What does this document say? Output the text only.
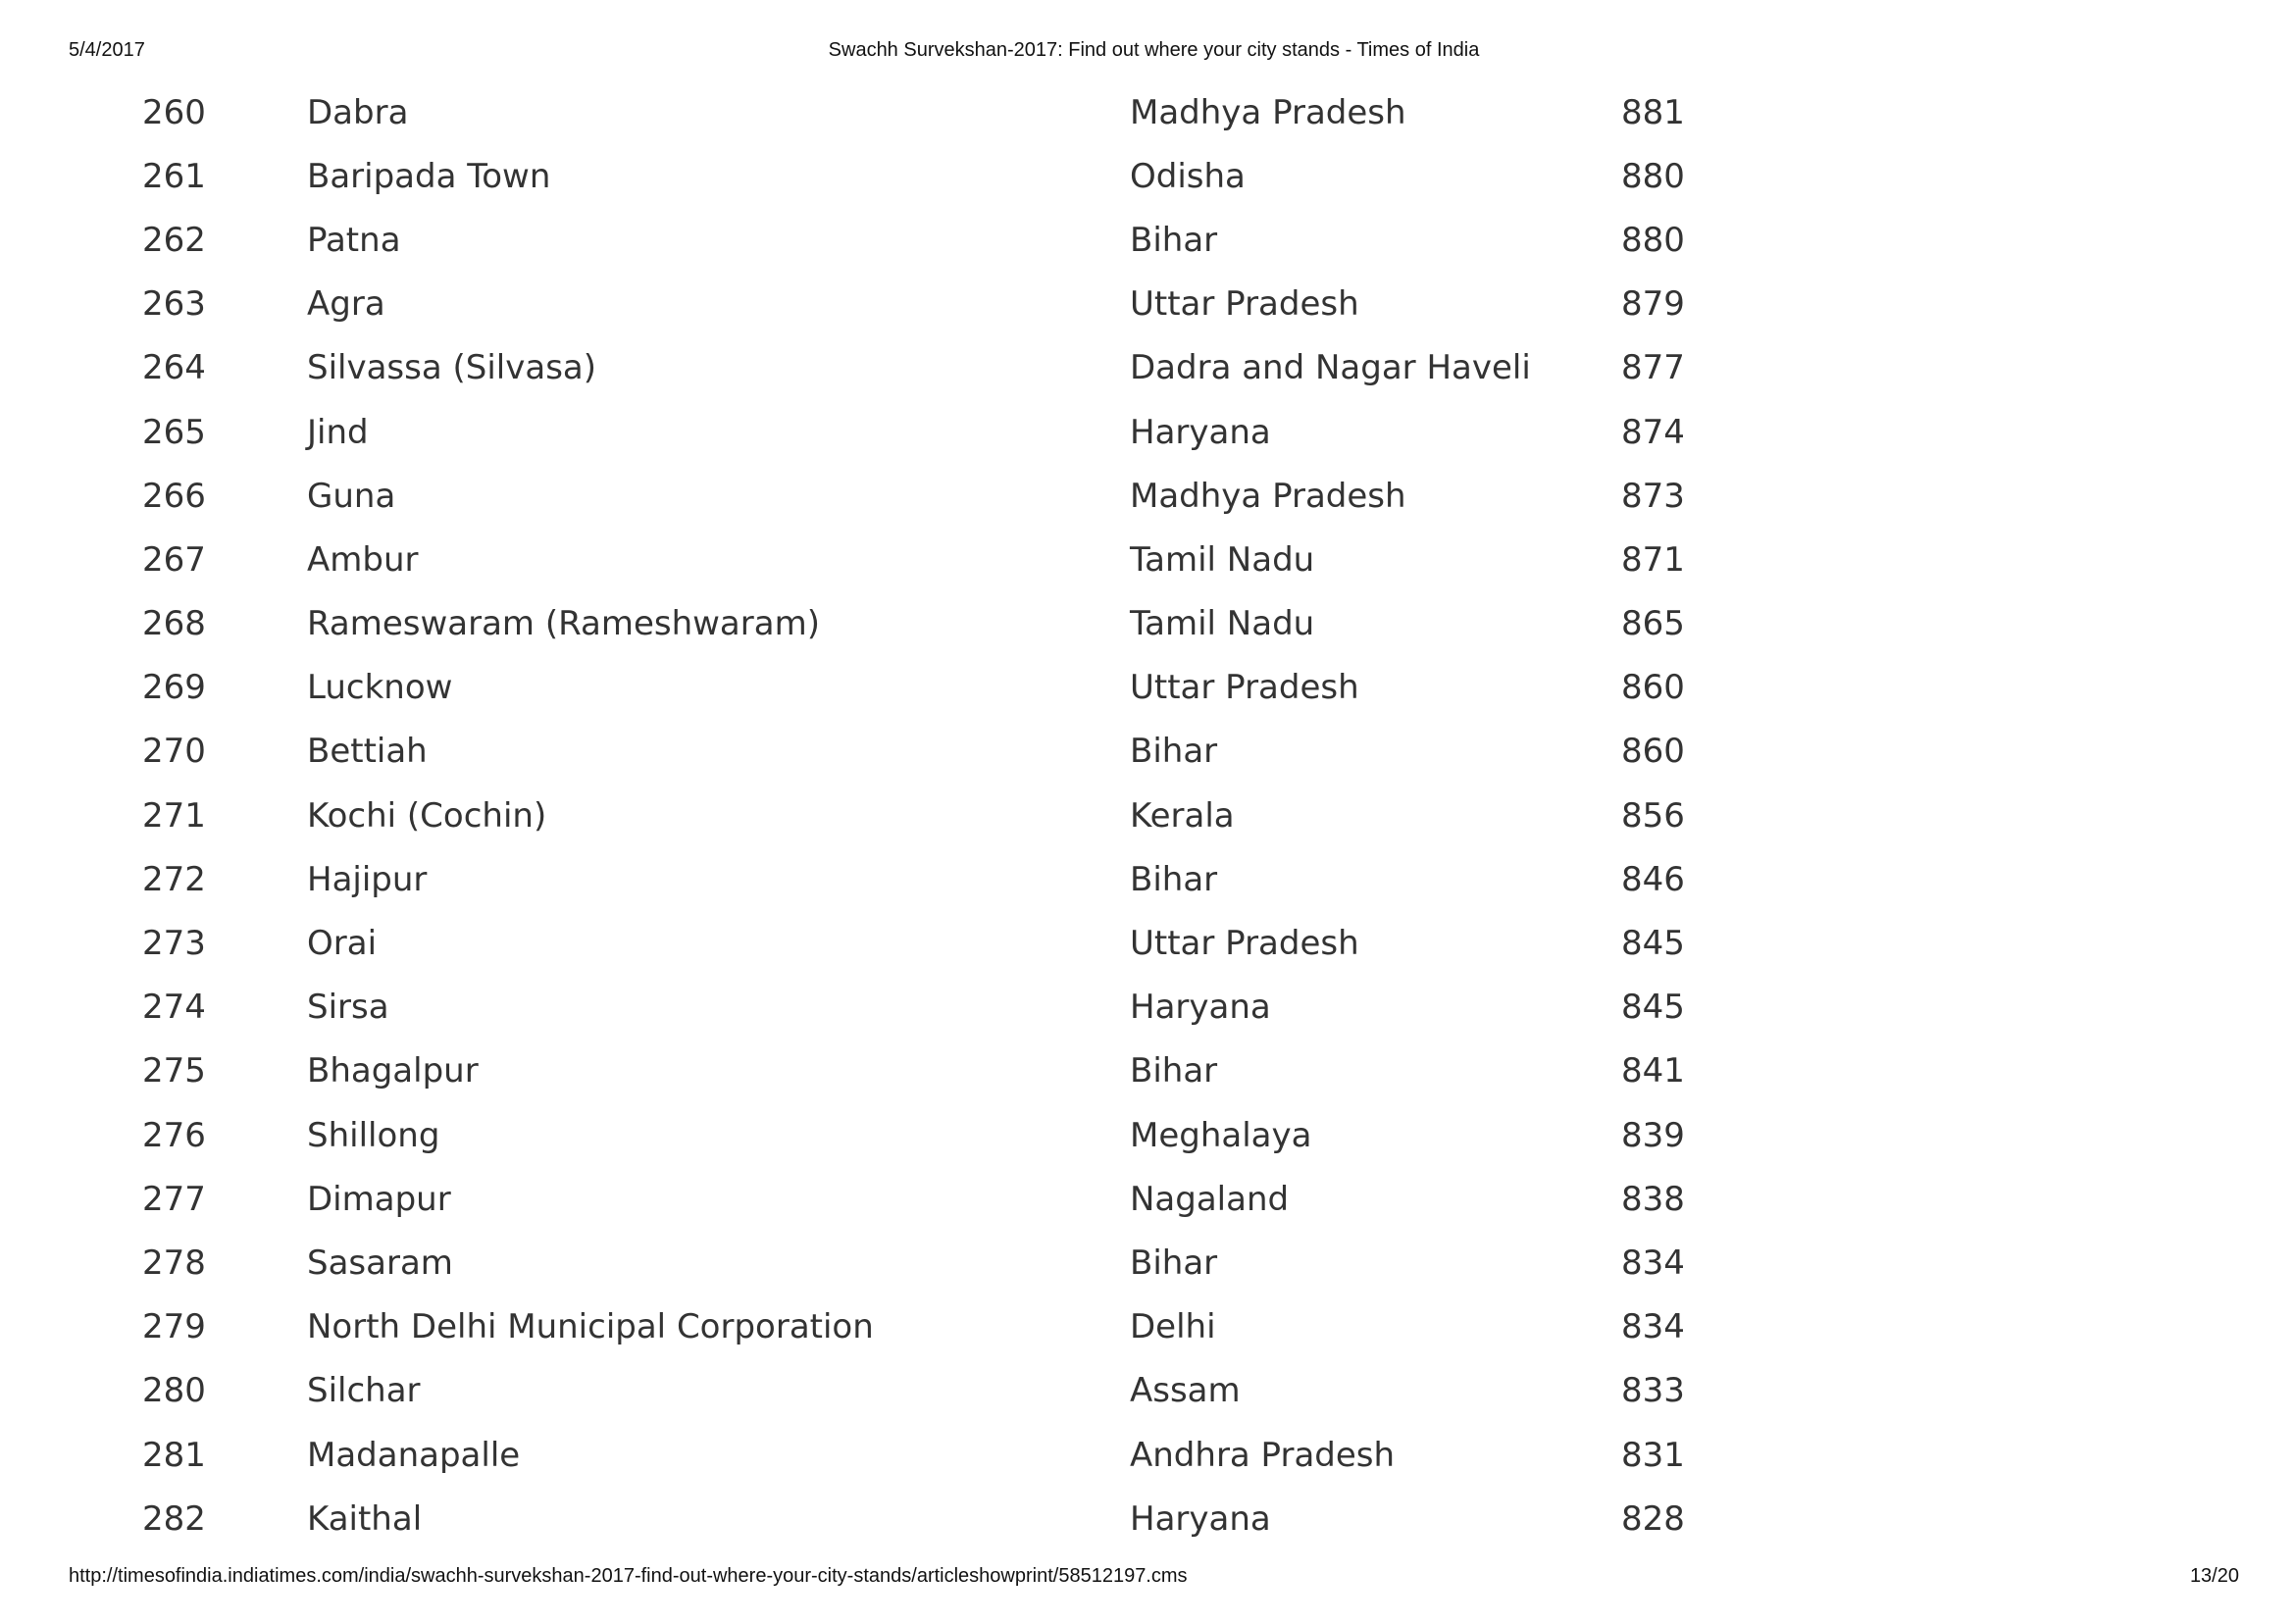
5/4/2017	Swachh Survekshan-2017: Find out where your city stands - Times of India
260	Dabra	Madhya Pradesh	881
261	Baripada Town	Odisha	880
262	Patna	Bihar	880
263	Agra	Uttar Pradesh	879
264	Silvassa (Silvasa)	Dadra and Nagar Haveli	877
265	Jind	Haryana	874
266	Guna	Madhya Pradesh	873
267	Ambur	Tamil Nadu	871
268	Rameswaram (Rameshwaram)	Tamil Nadu	865
269	Lucknow	Uttar Pradesh	860
270	Bettiah	Bihar	860
271	Kochi (Cochin)	Kerala	856
272	Hajipur	Bihar	846
273	Orai	Uttar Pradesh	845
274	Sirsa	Haryana	845
275	Bhagalpur	Bihar	841
276	Shillong	Meghalaya	839
277	Dimapur	Nagaland	838
278	Sasaram	Bihar	834
279	North Delhi Municipal Corporation	Delhi	834
280	Silchar	Assam	833
281	Madanapalle	Andhra Pradesh	831
282	Kaithal	Haryana	828
http://timesofindia.indiatimes.com/india/swachh-survekshan-2017-find-out-where-your-city-stands/articleshowprint/58512197.cms	13/20
